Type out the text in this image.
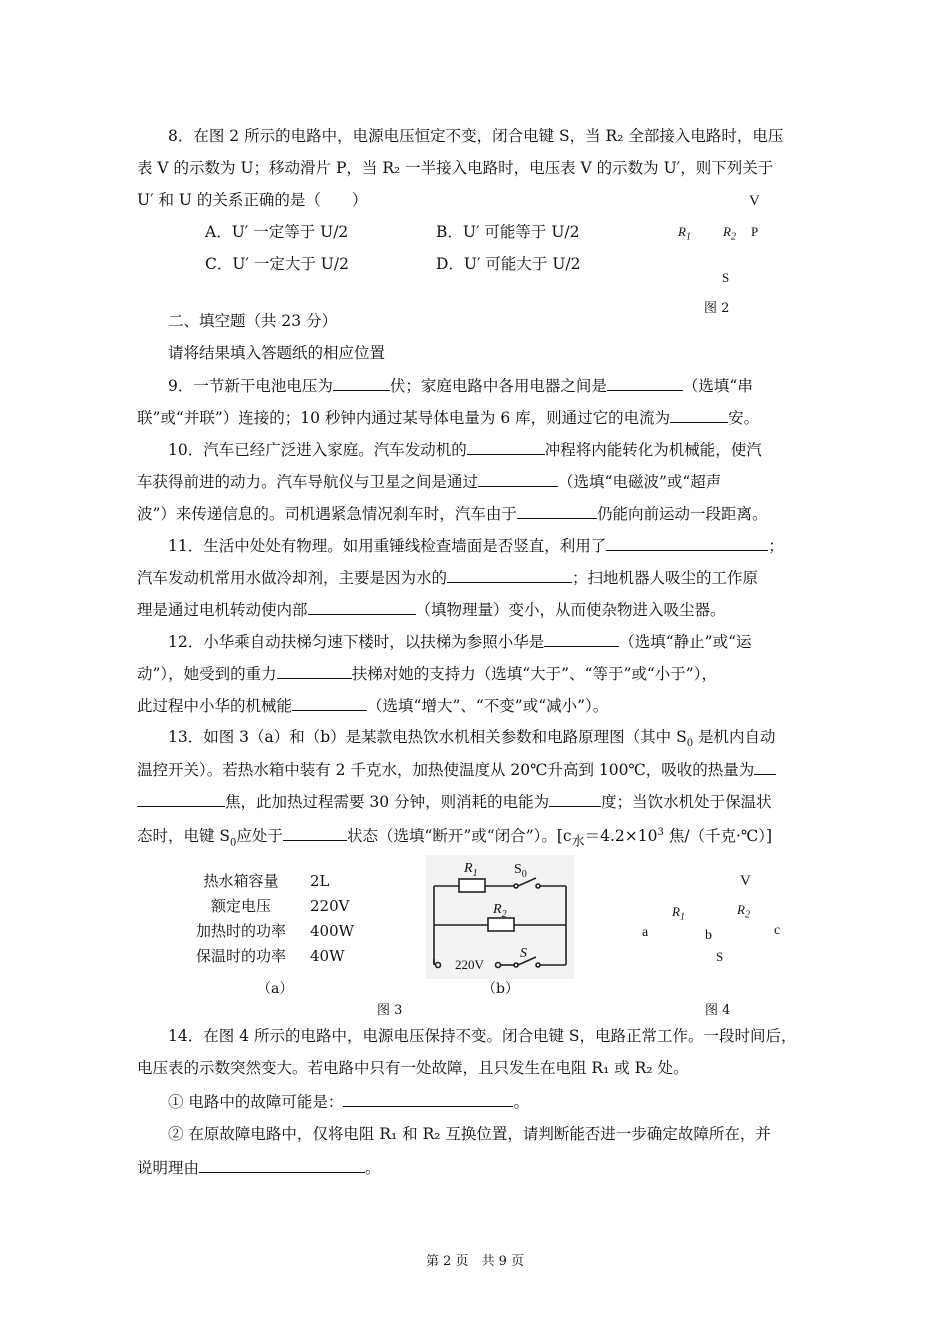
8．在图 2 所示的电路中，电源电压恒定不变，闭合电键 S，当 R₂ 全部接入电路时，电压
表 V 的示数为 U；移动滑片 P，当 R₂ 一半接入电路时，电压表 V 的示数为 U′，则下列关于
U′ 和 U 的关系正确的是（　　）
A．U′ 一定等于 U/2	B．U′ 可能等于 U/2
C．U′ 一定大于 U/2	D．U′ 可能大于 U/2
V
$R_1$ $R_2$ P
S
图 2
二、填空题（共 23 分）
请将结果填入答题纸的相应位置
9．一节新干电池电压为	伏；家庭电路中各用电器之间是	（选填“串
联”或“并联”）连接的；10 秒钟内通过某导体电量为 6 库，则通过它的电流为	安。
10．汽车已经广泛进入家庭。汽车发动机的	冲程将内能转化为机械能，使汽
车获得前进的动力。汽车导航仪与卫星之间是通过	（选填“电磁波”或“超声
波”）来传递信息的。司机遇紧急情况刹车时，汽车由于	仍能向前运动一段距离。
11．生活中处处有物理。如用重锤线检查墙面是否竖直，利用了	；
汽车发动机常用水做冷却剂，主要是因为水的	；扫地机器人吸尘的工作原
理是通过电机转动使内部	（填物理量）变小，从而使杂物进入吸尘器。
12．小华乘自动扶梯匀速下楼时，以扶梯为参照小华是	（选填“静止”或“运
动”），她受到的重力	扶梯对她的支持力（选填“大于”、“等于”或“小于”），
此过程中小华的机械能	（选填“增大”、“不变”或“减小”）。
13．如图 3（a）和（b）是某款电热饮水机相关参数和电路原理图（其中 $S_0$ 是机内自动
温控开关）。若热水箱中装有 2 千克水，加热使温度从 20℃升高到 100℃，吸收的热量为
焦，此加热过程需要 30 分钟，则消耗的电能为	度；当饮水机处于保温状
态时，电键 $S_0$应处于	状态（选填“断开”或“闭合”）。[$c_水=4.2\times 10^3$ 焦/（千克·℃）]
热水箱容量	2L
额定电压	220V
加热时的功率	400W
保温时的功率	40W
（a）
$R_1$	$S_0$
$R_2$
220V
S
（b）
图 3
V
$R_1$
$R_2$
a	b	c
S
图 4
14．在图 4 所示的电路中，电源电压保持不变。闭合电键 S，电路正常工作。一段时间后，
电压表的示数突然变大。若电路中只有一处故障，且只发生在电阻 R₁ 或 R₂ 处。
① 电路中的故障可能是：	。
② 在原故障电路中，仅将电阻 R₁ 和 R₂ 互换位置，请判断能否进一步确定故障所在，并
说明理由	。
第 2 页　共 9 页
